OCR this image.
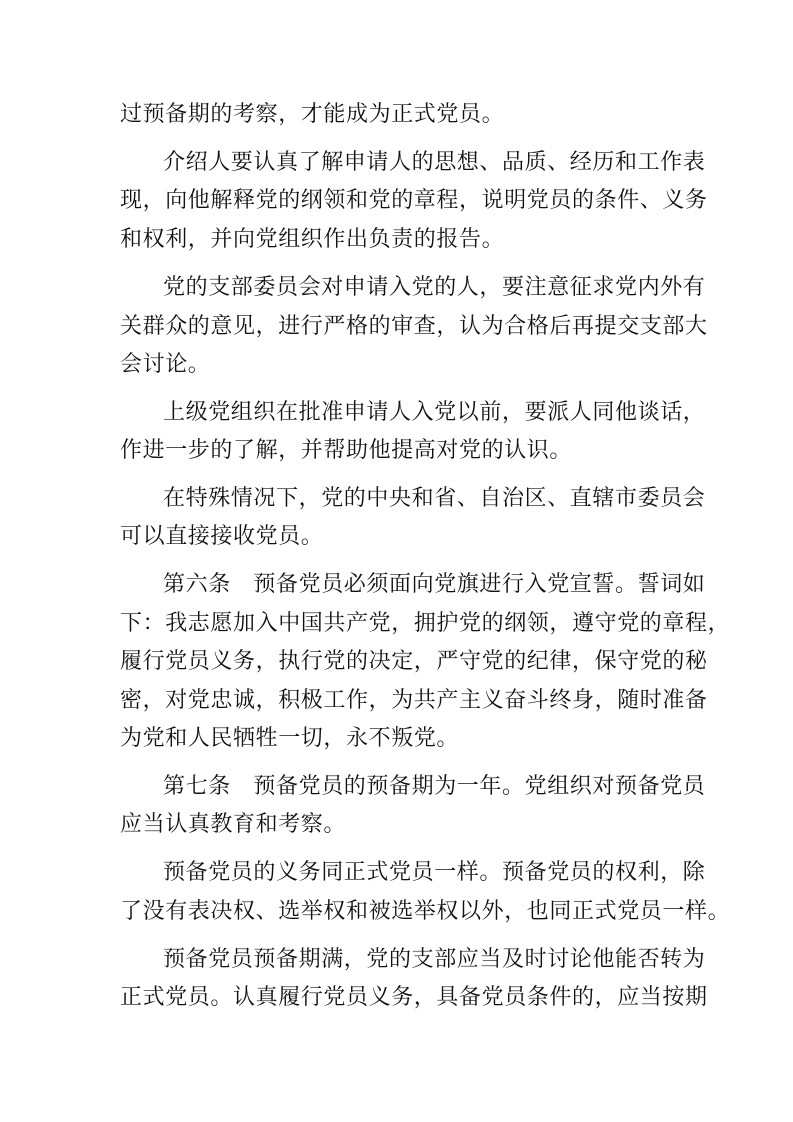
过预备期的考察，才能成为正式党员。
介绍人要认真了解申请人的思想、品质、经历和工作表
现，向他解释党的纲领和党的章程，说明党员的条件、义务
和权利，并向党组织作出负责的报告。
党的支部委员会对申请入党的人，要注意征求党内外有
关群众的意见，进行严格的审查，认为合格后再提交支部大
会讨论。
上级党组织在批准申请人入党以前，要派人同他谈话，
作进一步的了解，并帮助他提高对党的认识。
在特殊情况下，党的中央和省、自治区、直辖市委员会
可以直接接收党员。
第六条　预备党员必须面向党旗进行入党宣誓。誓词如
下：我志愿加入中国共产党，拥护党的纲领，遵守党的章程，
履行党员义务，执行党的决定，严守党的纪律，保守党的秘
密，对党忠诚，积极工作，为共产主义奋斗终身，随时准备
为党和人民牺牲一切，永不叛党。
第七条　预备党员的预备期为一年。党组织对预备党员
应当认真教育和考察。
预备党员的义务同正式党员一样。预备党员的权利，除
了没有表决权、选举权和被选举权以外，也同正式党员一样。
预备党员预备期满，党的支部应当及时讨论他能否转为
正式党员。认真履行党员义务，具备党员条件的，应当按期
